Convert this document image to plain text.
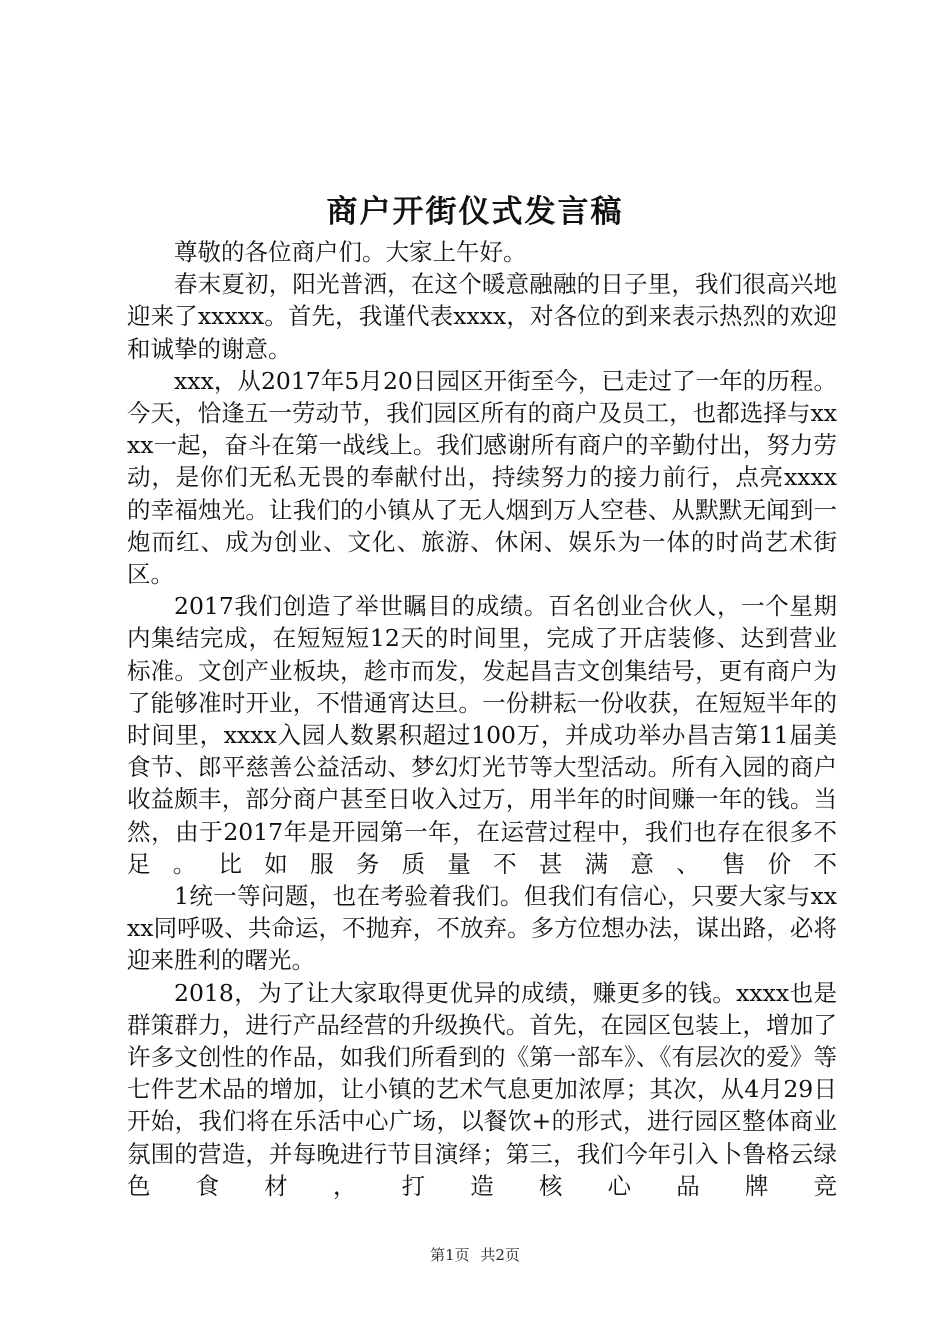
商户开街仪式发言稿

尊敬的各位商户们。大家上午好。

春末夏初，阳光普洒，在这个暖意融融的日子里，我们很高兴地迎来了xxxxx。首先，我谨代表xxxx，对各位的到来表示热烈的欢迎和诚挚的谢意。

xxx，从2017年5月20日园区开街至今，已走过了一年的历程。今天，恰逢五一劳动节，我们园区所有的商户及员工，也都选择与xxxx一起，奋斗在第一战线上。我们感谢所有商户的辛勤付出，努力劳动，是你们无私无畏的奉献付出，持续努力的接力前行，点亮xxxx的幸福烛光。让我们的小镇从了无人烟到万人空巷、从默默无闻到一炮而红、成为创业、文化、旅游、休闲、娱乐为一体的时尚艺术街区。

2017我们创造了举世瞩目的成绩。百名创业合伙人，一个星期内集结完成，在短短短12天的时间里，完成了开店装修、达到营业标准。文创产业板块，趁市而发，发起昌吉文创集结号，更有商户为了能够准时开业，不惜通宵达旦。一份耕耘一份收获，在短短半年的时间里，xxxx入园人数累积超过100万，并成功举办昌吉第11届美食节、郎平慈善公益活动、梦幻灯光节等大型活动。所有入园的商户收益颇丰，部分商户甚至日收入过万，用半年的时间赚一年的钱。当然，由于2017年是开园第一年，在运营过程中，我们也存在很多不足。比如服务质量不甚满意、售价不

1统一等问题，也在考验着我们。但我们有信心，只要大家与xxxx同呼吸、共命运，不抛弃，不放弃。多方位想办法，谋出路，必将迎来胜利的曙光。

2018，为了让大家取得更优异的成绩，赚更多的钱。xxxx也是群策群力，进行产品经营的升级换代。首先，在园区包装上，增加了许多文创性的作品，如我们所看到的《第一部车》、《有层次的爱》等七件艺术品的增加，让小镇的艺术气息更加浓厚；其次，从4月29日开始，我们将在乐活中心广场，以餐饮+的形式，进行园区整体商业氛围的营造，并每晚进行节目演绎；第三，我们今年引入卜鲁格云绿色食材，打造核心品牌竞

第1页 共2页
